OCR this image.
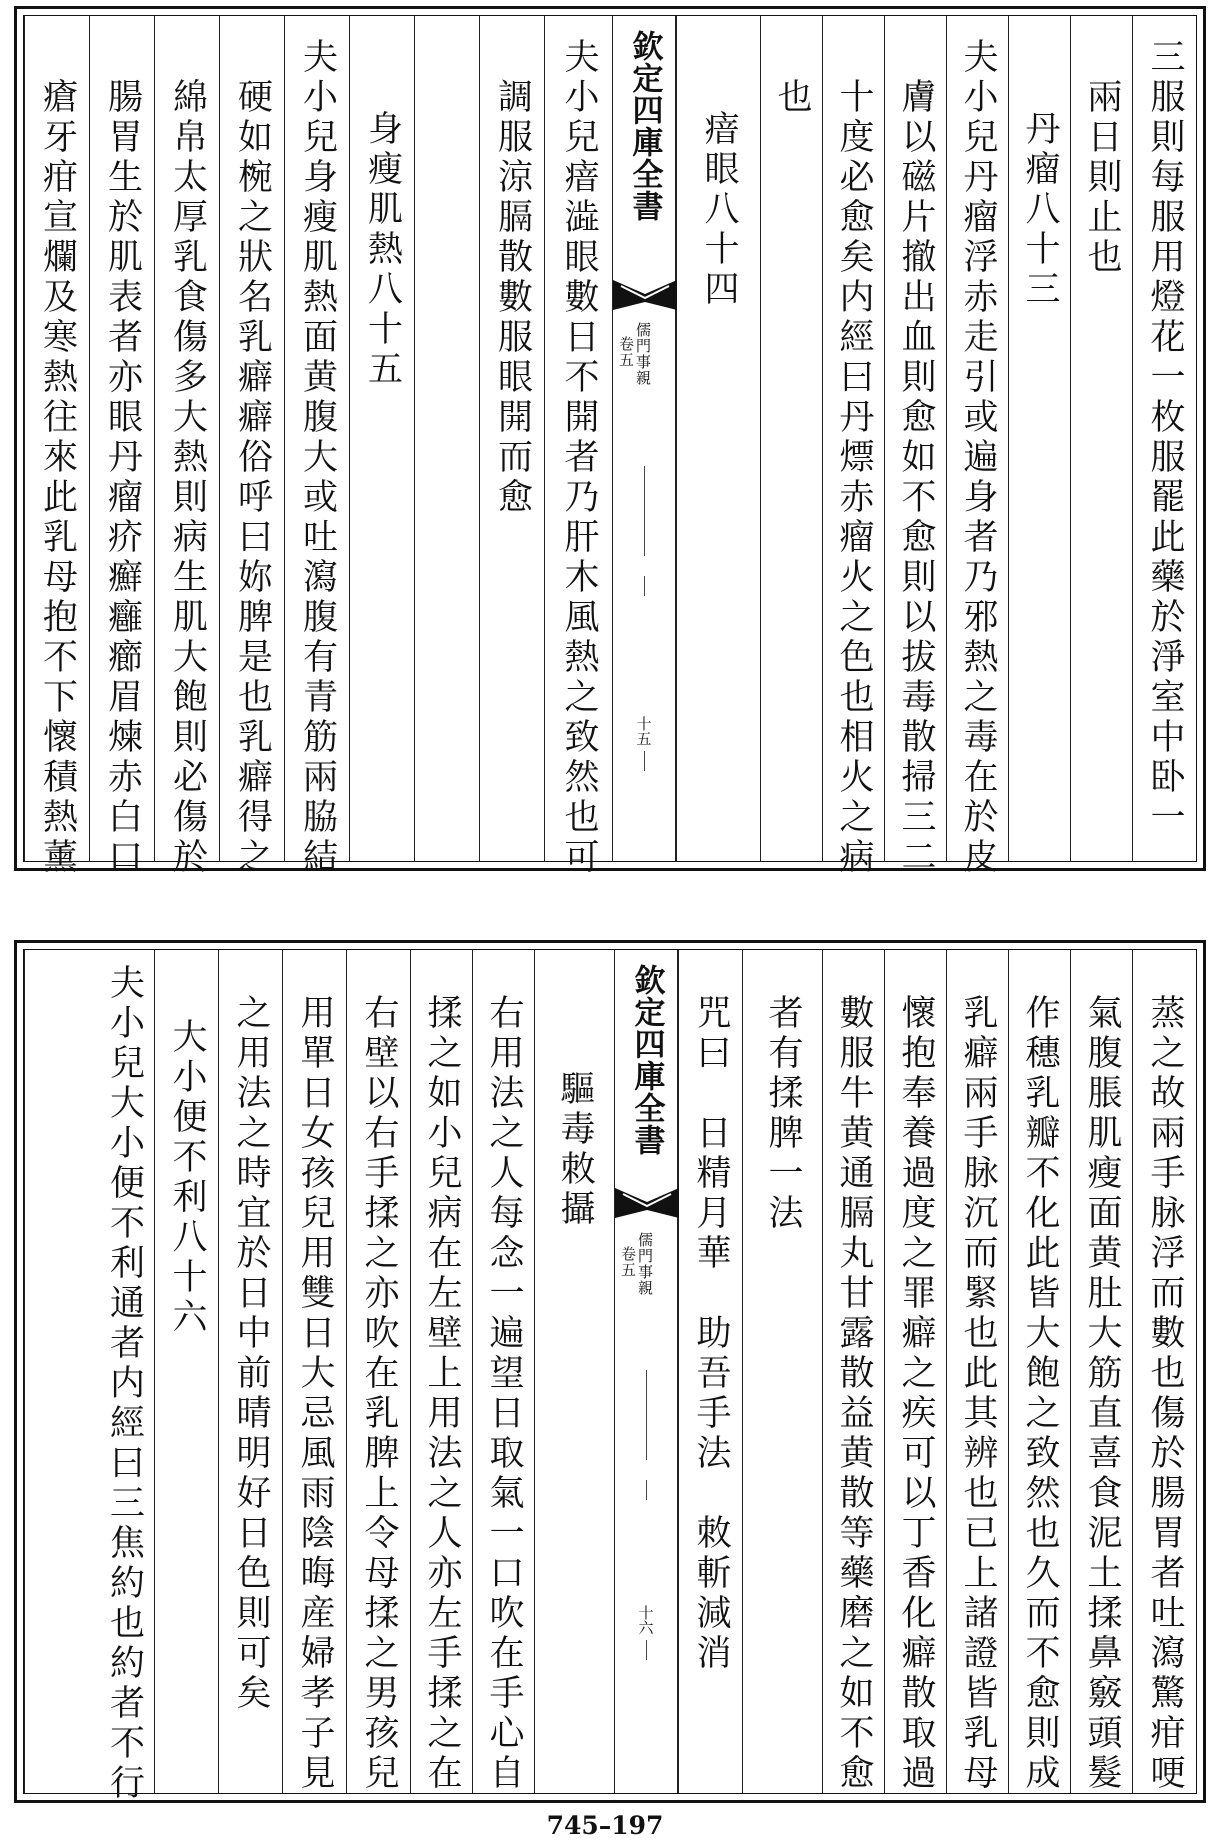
三服則每服用燈花一枚服罷此藥於淨室中卧一
兩日則止也
丹瘤八十三
夫小兒丹瘤浮赤走引或遍身者乃邪熱之毒在於皮
膚以磁片撤出血則愈如不愈則以拔毒散掃三二
十度必愈矣内經曰丹熛赤瘤火之色也相火之病
也
瘖眼八十四
欽定四庫全書
儒門事親
卷五
十五
夫小兒瘖澁眼數日不開者乃肝木風熱之致然也可
調服涼膈散數服眼開而愈
身瘦肌熱八十五
夫小兒身瘦肌熱面黄腹大或吐瀉腹有青筋兩脇結
硬如椀之狀名乳癖癖俗呼曰妳脾是也乳癖得之
綿帛太厚乳食傷多大熱則病生肌大飽則必傷於
腸胃生於肌表者亦眼丹瘤疥癬癰癤眉煉赤白口
瘡牙疳宣爛及寒熱往來此乳母抱不下懷積熱薰
蒸之故兩手脉浮而數也傷於腸胃者吐瀉驚疳哽
氣腹脹肌瘦面黄肚大筋直喜食泥土揉鼻竅頭髮
作穗乳瓣不化此皆大飽之致然也久而不愈則成
乳癖兩手脉沉而緊也此其辨也已上諸證皆乳母
懷抱奉養過度之罪癖之疾可以丁香化癖散取過
數服牛黄通膈丸甘露散益黄散等藥磨之如不愈
者有揉脾一法
咒曰　日精月華　助吾手法　敇斬減消
欽定四庫全書
儒門事親
卷五
十六
驅毒敇攝
右用法之人每念一遍望日取氣一口吹在手心自
揉之如小兒病在左壁上用法之人亦左手揉之在
右壁以右手揉之亦吹在乳脾上令母揉之男孩兒
用單日女孩兒用雙日大忌風雨陰晦産婦孝子見
之用法之時宜於日中前晴明好日色則可矣
大小便不利八十六
夫小兒大小便不利通者内經曰三焦約也約者不行
745–197
